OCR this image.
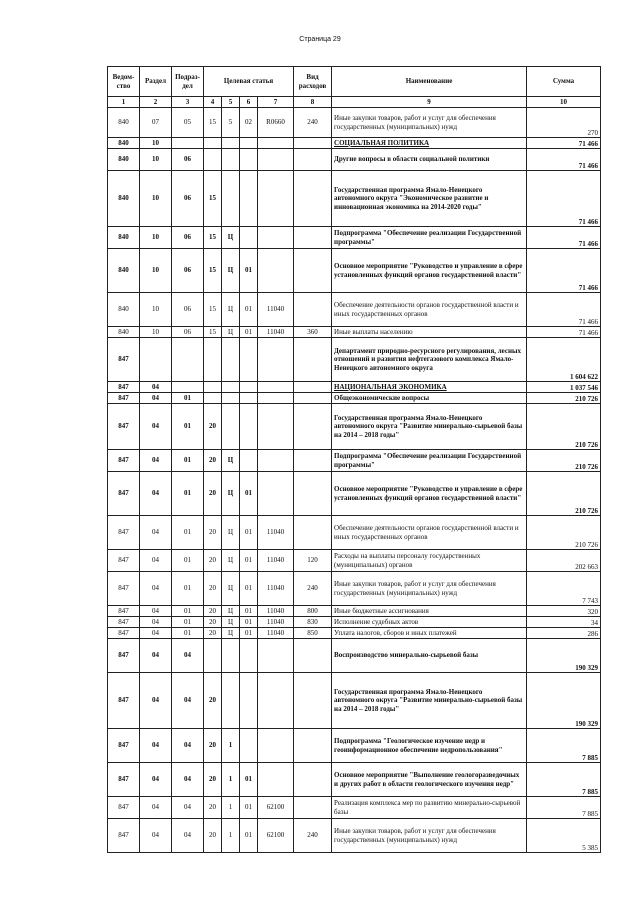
Страница 29
Ведом-ство	Раздел	Подраз-дел	Целевая статья				Вид расходов	Наименование	Сумма
1	2	3	4	5	6	7	8	9	10
840	07	05	15	5	02	R0660	240	Иные закупки товаров, работ и услуг для обеспечения государственных (муниципальных) нужд	270
840	10							СОЦИАЛЬНАЯ ПОЛИТИКА	71 466
840	10	06						Другие вопросы в области социальной политики	71 466
840	10	06	15					Государственная программа Ямало-Ненецкого автономного округа "Экономическое развитие и инновационная экономика на 2014-2020 годы"	71 466
840	10	06	15	Ц				Подпрограмма "Обеспечение реализации Государственной программы"	71 466
840	10	06	15	Ц	01			Основное мероприятие "Руководство и управление в сфере установленных функций органов государственной власти"	71 466
840	10	06	15	Ц	01	11040		Обеспечение деятельности органов государственной власти и иных государственных органов	71 466
840	10	06	15	Ц	01	11040	360	Иные выплаты населению	71 466
847								Департамент природно-ресурсного регулирования, лесных отношений и развития нефтегазового комплекса Ямало-Ненецкого автономного округа	1 604 622
847	04							НАЦИОНАЛЬНАЯ ЭКОНОМИКА	1 037 546
847	04	01						Общеэкономические вопросы	210 726
847	04	01	20					Государственная программа Ямало-Ненецкого автономного округа "Развитие минерально-сырьевой базы на 2014 – 2018 годы"	210 726
847	04	01	20	Ц				Подпрограмма "Обеспечение реализации Государственной программы"	210 726
847	04	01	20	Ц	01			Основное мероприятие "Руководство и управление в сфере установленных функций органов государственной власти"	210 726
847	04	01	20	Ц	01	11040		Обеспечение деятельности органов государственной власти и иных государственных органов	210 726
847	04	01	20	Ц	01	11040	120	Расходы на выплаты персоналу государственных (муниципальных) органов	202 663
847	04	01	20	Ц	01	11040	240	Иные закупки товаров, работ и услуг для обеспечения государственных (муниципальных) нужд	7 743
847	04	01	20	Ц	01	11040	800	Иные бюджетные ассигнования	320
847	04	01	20	Ц	01	11040	830	Исполнение судебных актов	34
847	04	01	20	Ц	01	11040	850	Уплата налогов, сборов и иных платежей	286
847	04	04						Воспроизводство минерально-сырьевой базы	190 329
847	04	04	20					Государственная программа Ямало-Ненецкого автономного округа "Развитие минерально-сырьевой базы на 2014 – 2018 годы"	190 329
847	04	04	20	1				Подпрограмма "Геологическое изучение недр и геоинформационное обеспечение недропользования"	7 885
847	04	04	20	1	01			Основное мероприятие "Выполнение геологоразведочных и других работ в области геологического изучения недр"	7 885
847	04	04	20	1	01	62100		Реализация комплекса мер по развитию минерально-сырьевой базы	7 885
847	04	04	20	1	01	62100	240	Иные закупки товаров, работ и услуг для обеспечения государственных (муниципальных) нужд	5 385
